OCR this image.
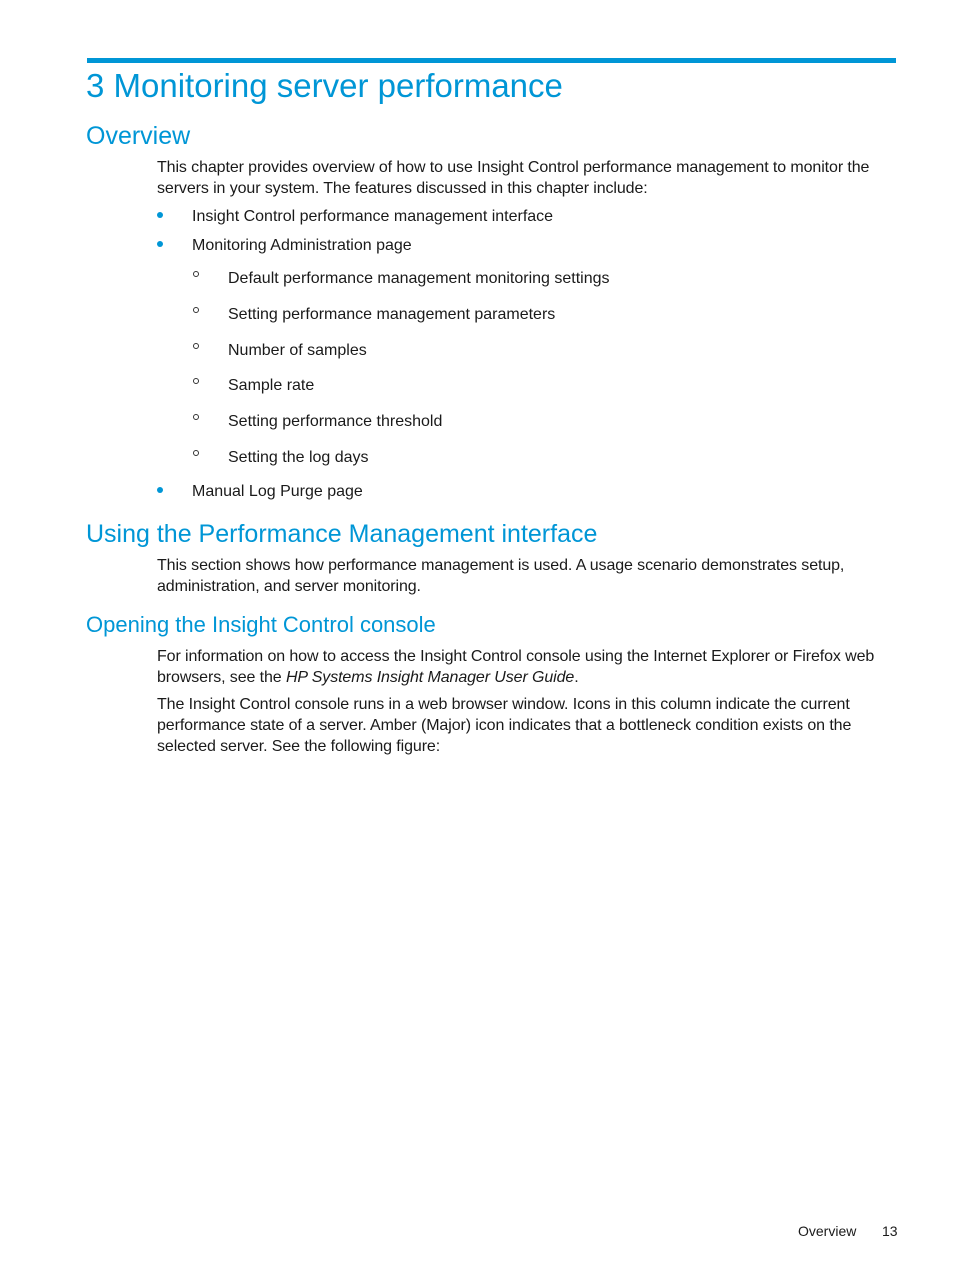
3 Monitoring server performance
Overview

This chapter provides overview of how to use Insight Control performance management to monitor the servers in your system. The features discussed in this chapter include:

Insight Control performance management interface
Monitoring Administration page
Default performance management monitoring settings
Setting performance management parameters
Number of samples
Sample rate
Setting performance threshold
Setting the log days
Manual Log Purge page
Using the Performance Management interface

This section shows how performance management is used. A usage scenario demonstrates setup, administration, and server monitoring.

Opening the Insight Control console

For information on how to access the Insight Control console using the Internet Explorer or Firefox web browsers, see the HP Systems Insight Manager User Guide.

The Insight Control console runs in a web browser window. Icons in this column indicate the current performance state of a server. Amber (Major) icon indicates that a bottleneck condition exists on the selected server. See the following figure:

Overview 13
